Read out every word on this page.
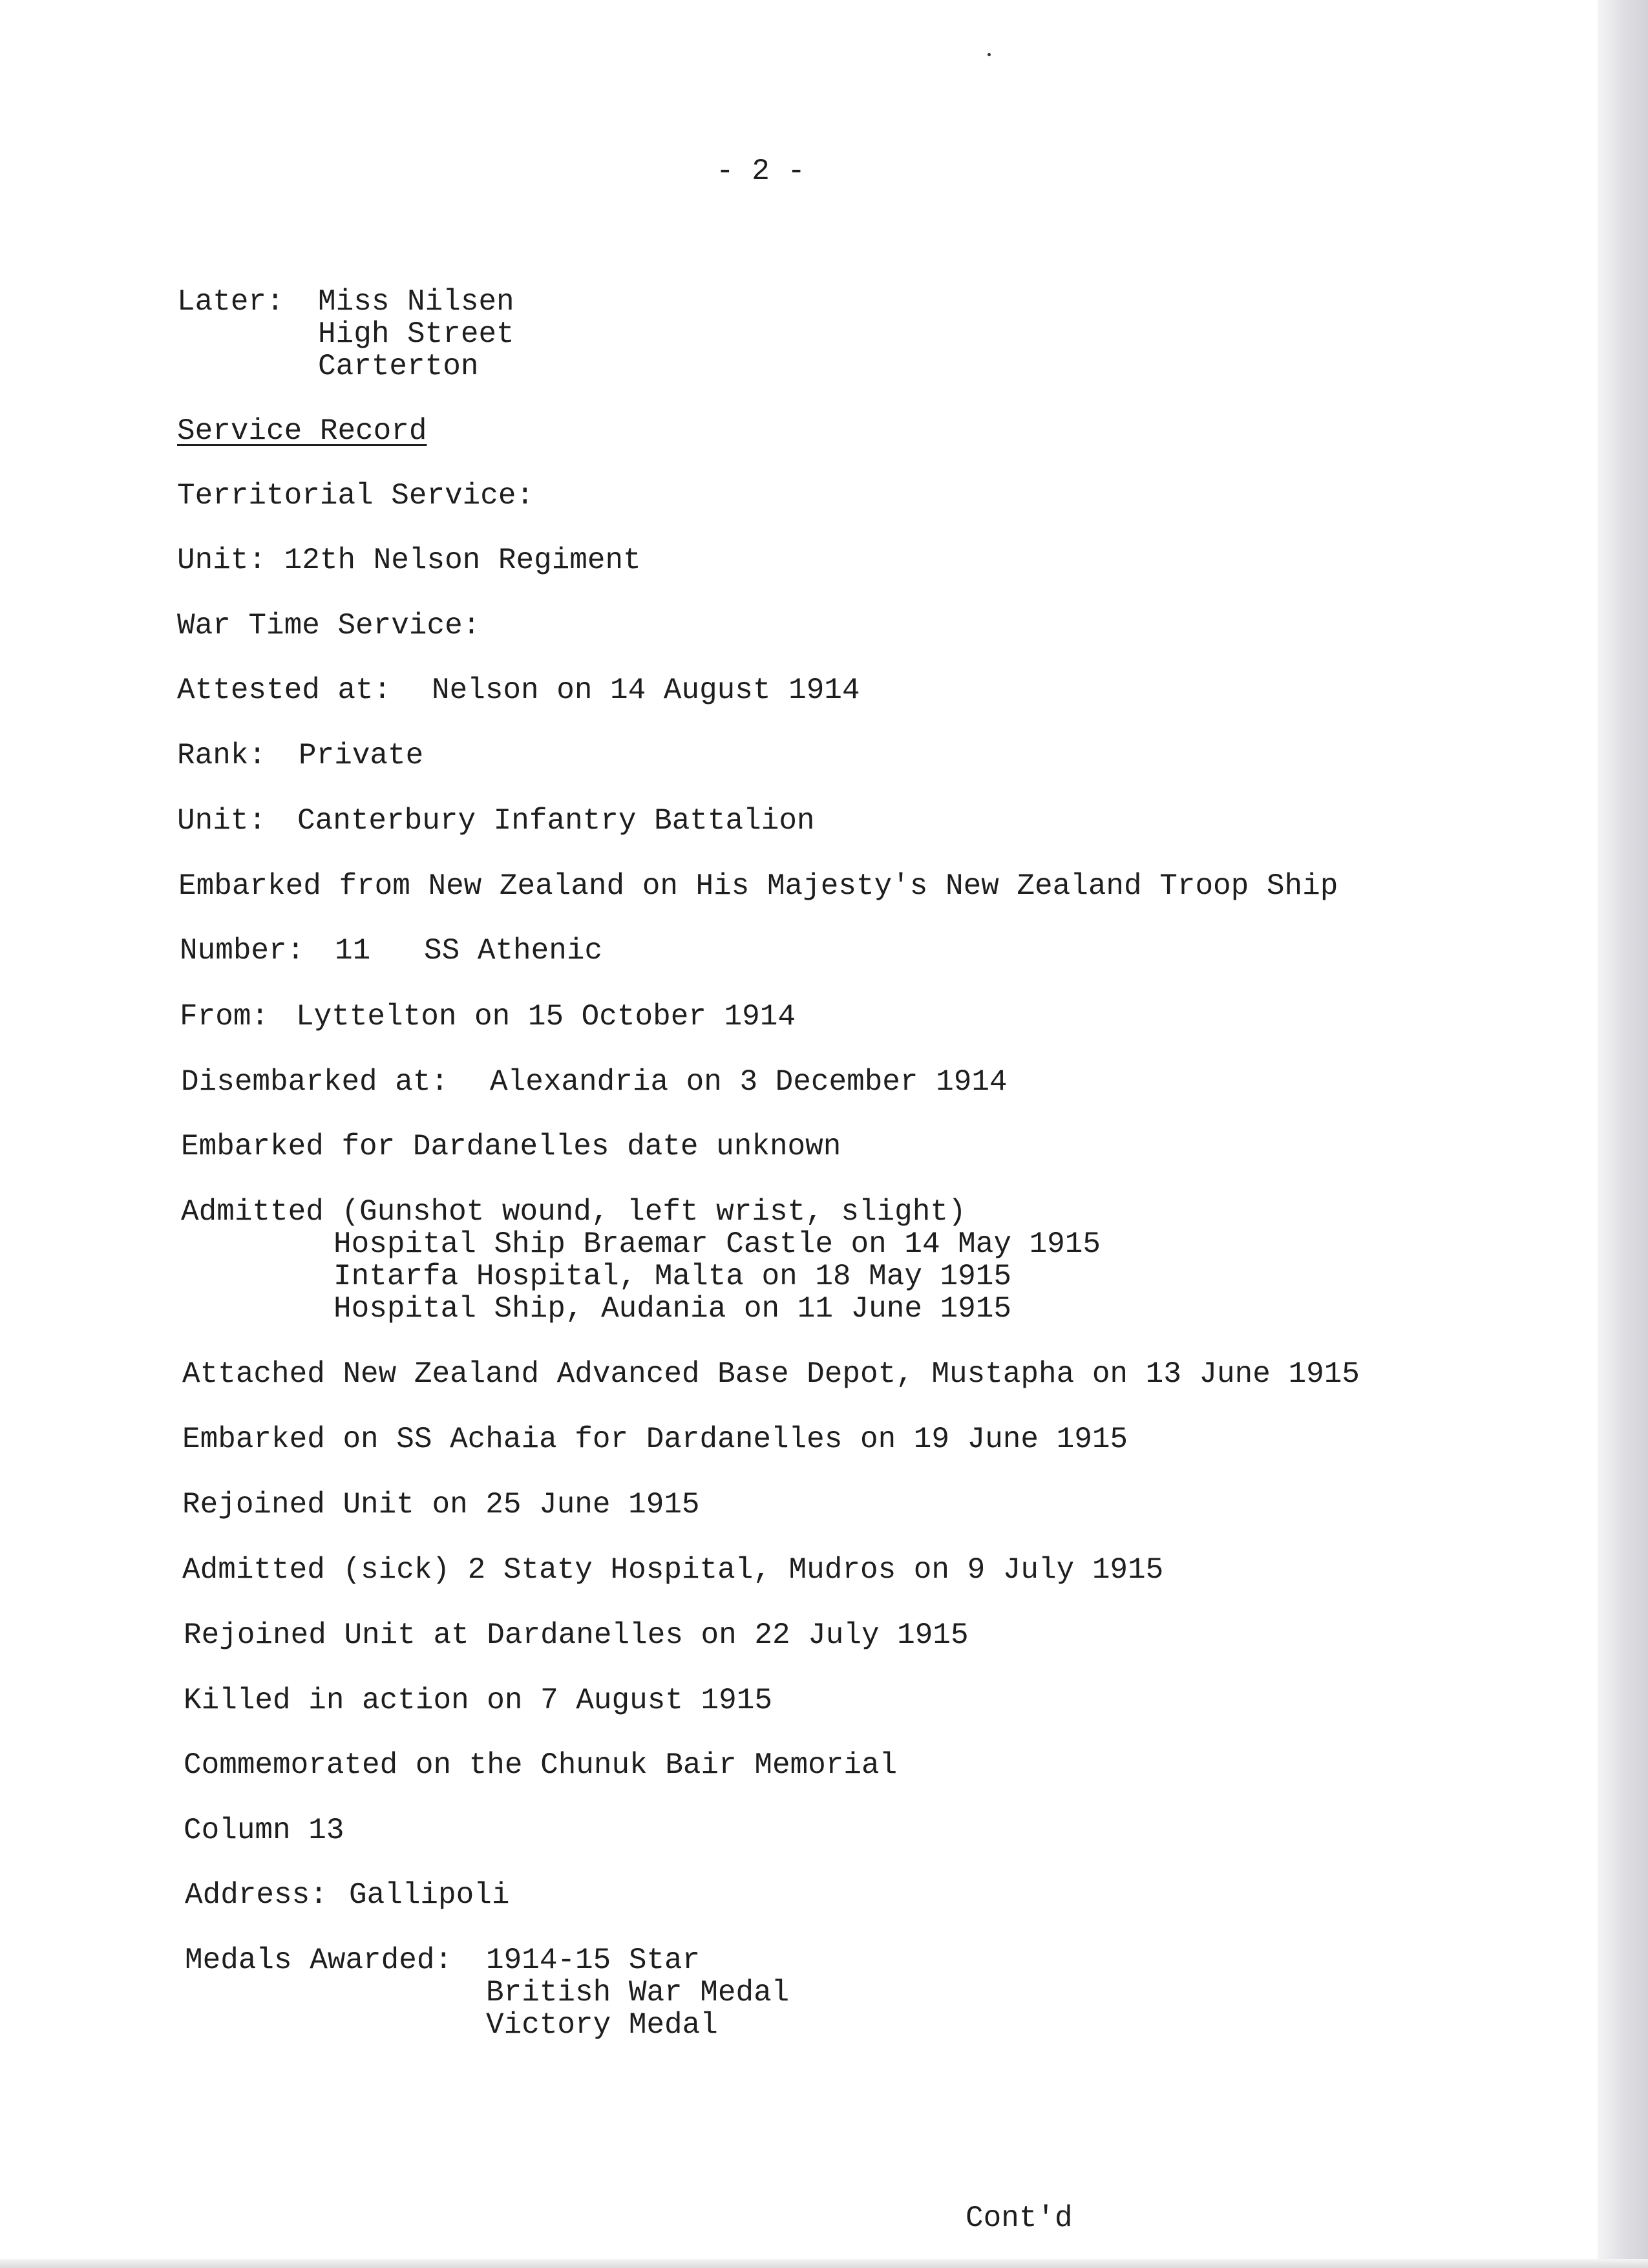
- 2 -
Later: Miss Nilsen
High Street
Carterton
Service Record
Territorial Service:
Unit: 12th Nelson Regiment
War Time Service:
Attested at: Nelson on 14 August 1914
Rank: Private
Unit: Canterbury Infantry Battalion
Embarked from New Zealand on His Majesty's New Zealand Troop Ship
Number: 11   SS Athenic
From: Lyttelton on 15 October 1914
Disembarked at: Alexandria on 3 December 1914
Embarked for Dardanelles date unknown
Admitted (Gunshot wound, left wrist, slight)
Hospital Ship Braemar Castle on 14 May 1915
Intarfa Hospital, Malta on 18 May 1915
Hospital Ship, Audania on 11 June 1915
Attached New Zealand Advanced Base Depot, Mustapha on 13 June 1915
Embarked on SS Achaia for Dardanelles on 19 June 1915
Rejoined Unit on 25 June 1915
Admitted (sick) 2 Staty Hospital, Mudros on 9 July 1915
Rejoined Unit at Dardanelles on 22 July 1915
Killed in action on 7 August 1915
Commemorated on the Chunuk Bair Memorial
Column 13
Address: Gallipoli
Medals Awarded: 1914-15 Star
British War Medal
Victory Medal
Cont'd
